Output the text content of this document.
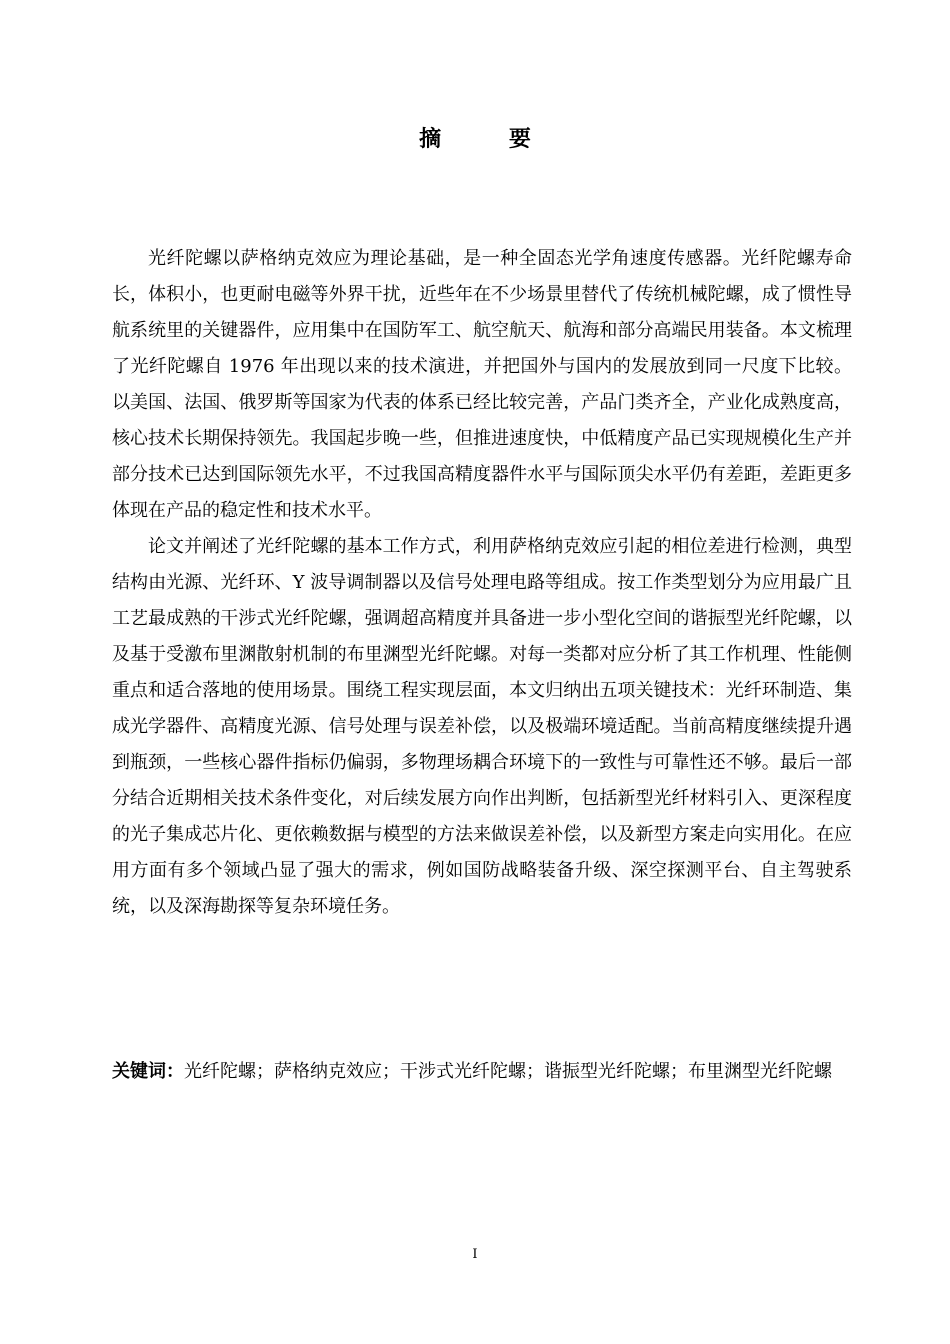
摘 要

光纤陀螺以萨格纳克效应为理论基础，是一种全固态光学角速度传感器。光纤陀螺寿命长，体积小，也更耐电磁等外界干扰，近些年在不少场景里替代了传统机械陀螺，成了惯性导航系统里的关键器件，应用集中在国防军工、航空航天、航海和部分高端民用装备。本文梳理了光纤陀螺自 1976 年出现以来的技术演进，并把国外与国内的发展放到同一尺度下比较。以美国、法国、俄罗斯等国家为代表的体系已经比较完善，产品门类齐全，产业化成熟度高，核心技术长期保持领先。我国起步晚一些，但推进速度快，中低精度产品已实现规模化生产并部分技术已达到国际领先水平，不过我国高精度器件水平与国际顶尖水平仍有差距，差距更多体现在产品的稳定性和技术水平。

论文并阐述了光纤陀螺的基本工作方式，利用萨格纳克效应引起的相位差进行检测，典型结构由光源、光纤环、Y 波导调制器以及信号处理电路等组成。按工作类型划分为应用最广且工艺最成熟的干涉式光纤陀螺，强调超高精度并具备进一步小型化空间的谐振型光纤陀螺，以及基于受激布里渊散射机制的布里渊型光纤陀螺。对每一类都对应分析了其工作机理、性能侧重点和适合落地的使用场景。围绕工程实现层面，本文归纳出五项关键技术：光纤环制造、集成光学器件、高精度光源、信号处理与误差补偿，以及极端环境适配。当前高精度继续提升遇到瓶颈，一些核心器件指标仍偏弱，多物理场耦合环境下的一致性与可靠性还不够。最后一部分结合近期相关技术条件变化，对后续发展方向作出判断，包括新型光纤材料引入、更深程度的光子集成芯片化、更依赖数据与模型的方法来做误差补偿，以及新型方案走向实用化。在应用方面有多个领域凸显了强大的需求，例如国防战略装备升级、深空探测平台、自主驾驶系统，以及深海勘探等复杂环境任务。

关键词：光纤陀螺；萨格纳克效应；干涉式光纤陀螺；谐振型光纤陀螺；布里渊型光纤陀螺
I
